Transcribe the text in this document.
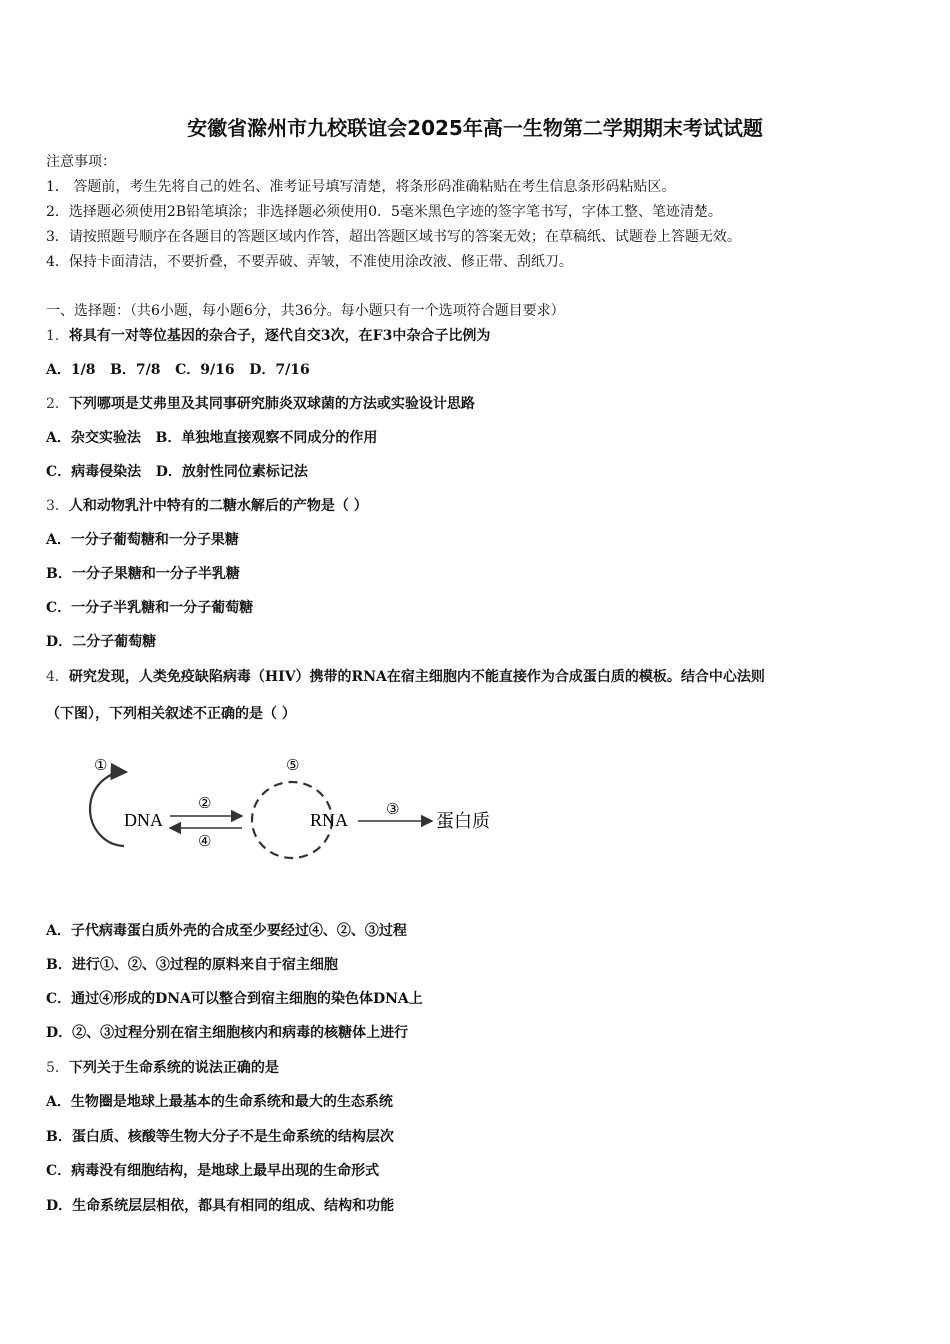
安徽省滁州市九校联谊会2025年高一生物第二学期期末考试试题
注意事项：
1． 答题前，考生先将自己的姓名、准考证号填写清楚，将条形码准确粘贴在考生信息条形码粘贴区。
2．选择题必须使用2B铅笔填涂；非选择题必须使用0．5毫米黑色字迹的签字笔书写，字体工整、笔迹清楚。
3．请按照题号顺序在各题目的答题区域内作答，超出答题区域书写的答案无效；在草稿纸、试题卷上答题无效。
4．保持卡面清洁，不要折叠，不要弄破、弄皱，不准使用涂改液、修正带、刮纸刀。
一、选择题：（共6小题，每小题6分，共36分。每小题只有一个选项符合题目要求）
1．将具有一对等位基因的杂合子，逐代自交3次，在F3中杂合子比例为
A．1/8   B．7/8   C．9/16   D．7/16
2．下列哪项是艾弗里及其同事研究肺炎双球菌的方法或实验设计思路
A．杂交实验法   B．单独地直接观察不同成分的作用
C．病毒侵染法   D．放射性同位素标记法
3．人和动物乳汁中特有的二糖水解后的产物是（ ）
A．一分子葡萄糖和一分子果糖
B．一分子果糖和一分子半乳糖
C．一分子半乳糖和一分子葡萄糖
D．二分子葡萄糖
4．研究发现，人类免疫缺陷病毒（HIV）携带的RNA在宿主细胞内不能直接作为合成蛋白质的模板。结合中心法则
（下图），下列相关叙述不正确的是（ ）
①
DNA
②
④
⑤
RNA	③
蛋白质
A．子代病毒蛋白质外壳的合成至少要经过④、②、③过程
B．进行①、②、③过程的原料来自于宿主细胞
C．通过④形成的DNA可以整合到宿主细胞的染色体DNA上
D．②、③过程分别在宿主细胞核内和病毒的核糖体上进行
5．下列关于生命系统的说法正确的是
A．生物圈是地球上最基本的生命系统和最大的生态系统
B．蛋白质、核酸等生物大分子不是生命系统的结构层次
C．病毒没有细胞结构，是地球上最早出现的生命形式
D．生命系统层层相依，都具有相同的组成、结构和功能
